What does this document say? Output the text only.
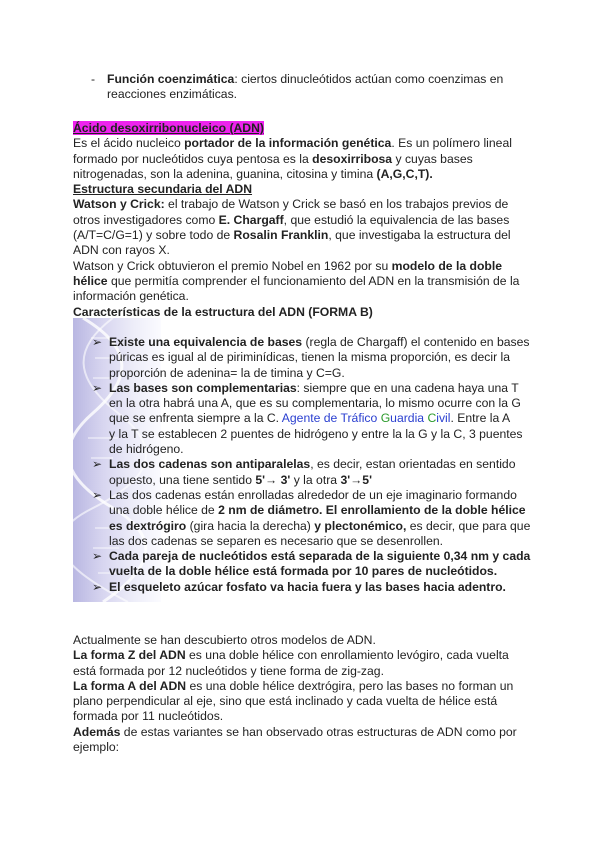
- Función coenzimática: ciertos dinucleótidos actúan como coenzimas en
reacciones enzimáticas.
Ácido desoxirribonucleico (ADN)
Es el ácido nucleico portador de la información genética. Es un polímero lineal
formado por nucleótidos cuya pentosa es la desoxirribosa y cuyas bases
nitrogenadas, son la adenina, guanina, citosina y timina (A,G,C,T).
Estructura secundaria del ADN
Watson y Crick: el trabajo de Watson y Crick se basó en los trabajos previos de
otros investigadores como E. Chargaff, que estudió la equivalencia de las bases
(A/T=C/G=1) y sobre todo de Rosalin Franklin, que investigaba la estructura del
ADN con rayos X.
Watson y Crick obtuvieron el premio Nobel en 1962 por su modelo de la doble
hélice que permitía comprender el funcionamiento del ADN en la transmisión de la
información genética.
Características de la estructura del ADN (FORMA B)
➢ Existe una equivalencia de bases (regla de Chargaff) el contenido en bases
púricas es igual al de piriminídicas, tienen la misma proporción, es decir la
proporción de adenina= la de timina y C=G.
➢ Las bases son complementarias: siempre que en una cadena haya una T
en la otra habrá una A, que es su complementaria, lo mismo ocurre con la G
que se enfrenta siempre a la C. Agente de Tráfico Guardia Civil. Entre la A
y la T se establecen 2 puentes de hidrógeno y entre la la G y la C, 3 puentes
de hidrógeno.
➢ Las dos cadenas son antiparalelas, es decir, estan orientadas en sentido
opuesto, una tiene sentido 5'→ 3' y la otra 3'→5'
➢ Las dos cadenas están enrolladas alrededor de un eje imaginario formando
una doble hélice de 2 nm de diámetro. El enrollamiento de la doble hélice
es dextrógiro (gira hacia la derecha) y plectonémico, es decir, que para que
las dos cadenas se separen es necesario que se desenrollen.
➢ Cada pareja de nucleótidos está separada de la siguiente 0,34 nm y cada
vuelta de la doble hélice está formada por 10 pares de nucleótidos.
➢ El esqueleto azúcar fosfato va hacia fuera y las bases hacia adentro.
Actualmente se han descubierto otros modelos de ADN.
La forma Z del ADN es una doble hélice con enrollamiento levógiro, cada vuelta
está formada por 12 nucleótidos y tiene forma de zig-zag.
La forma A del ADN es una doble hélice dextrógira, pero las bases no forman un
plano perpendicular al eje, sino que está inclinado y cada vuelta de hélice está
formada por 11 nucleótidos.
Además de estas variantes se han observado otras estructuras de ADN como por
ejemplo:
